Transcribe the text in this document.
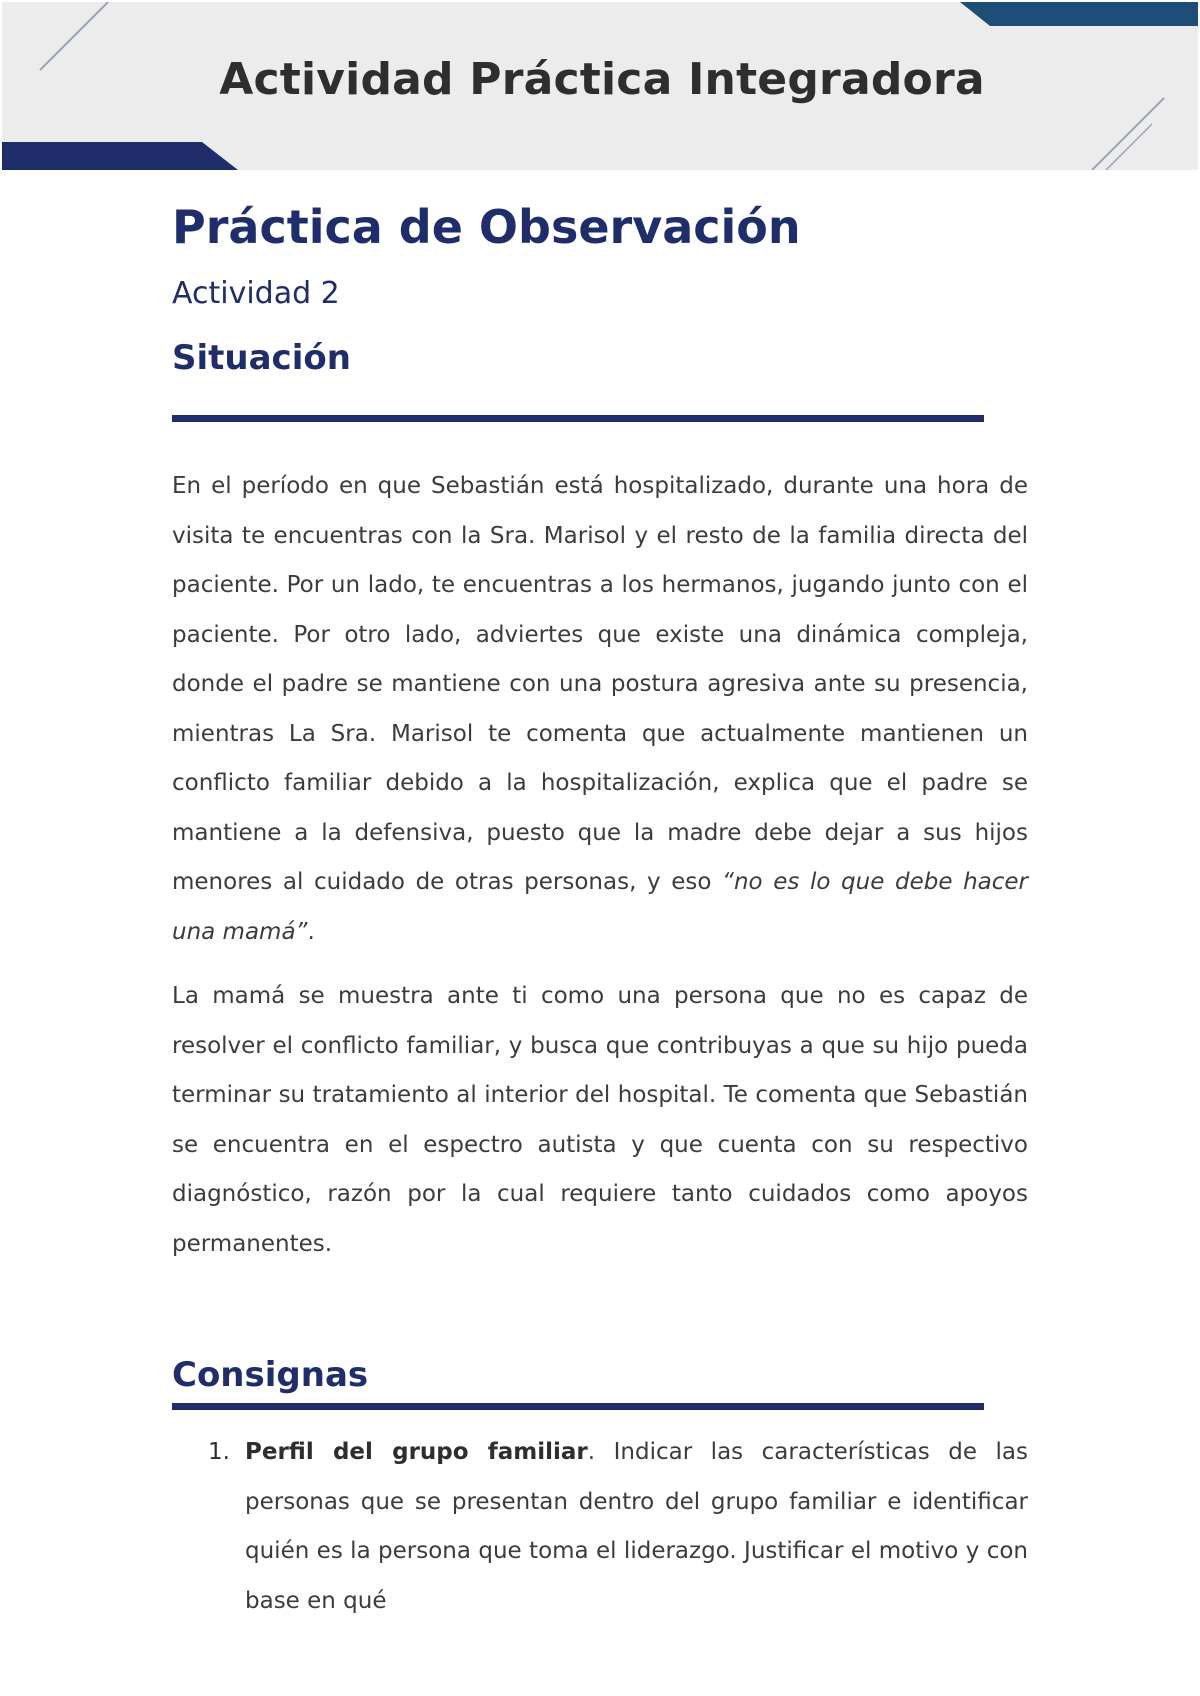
Actividad Práctica Integradora
Práctica de Observación
Actividad 2
Situación

En el período en que Sebastián está hospitalizado, durante una hora de visita te encuentras con la Sra. Marisol y el resto de la familia directa del paciente. Por un lado, te encuentras a los hermanos, jugando junto con el paciente. Por otro lado, adviertes que existe una dinámica compleja, donde el padre se mantiene con una postura agresiva ante su presencia, mientras La Sra. Marisol te comenta que actualmente mantienen un conflicto familiar debido a la hospitalización, explica que el padre se mantiene a la defensiva, puesto que la madre debe dejar a sus hijos menores al cuidado de otras personas, y eso “no es lo que debe hacer una mamá”.

La mamá se muestra ante ti como una persona que no es capaz de resolver el conflicto familiar, y busca que contribuyas a que su hijo pueda terminar su tratamiento al interior del hospital. Te comenta que Sebastián se encuentra en el espectro autista y que cuenta con su respectivo diagnóstico, razón por la cual requiere tanto cuidados como apoyos permanentes.

Consignas

1. Perfil del grupo familiar. Indicar las características de las personas que se presentan dentro del grupo familiar e identificar quién es la persona que toma el liderazgo. Justificar el motivo y con base en qué
